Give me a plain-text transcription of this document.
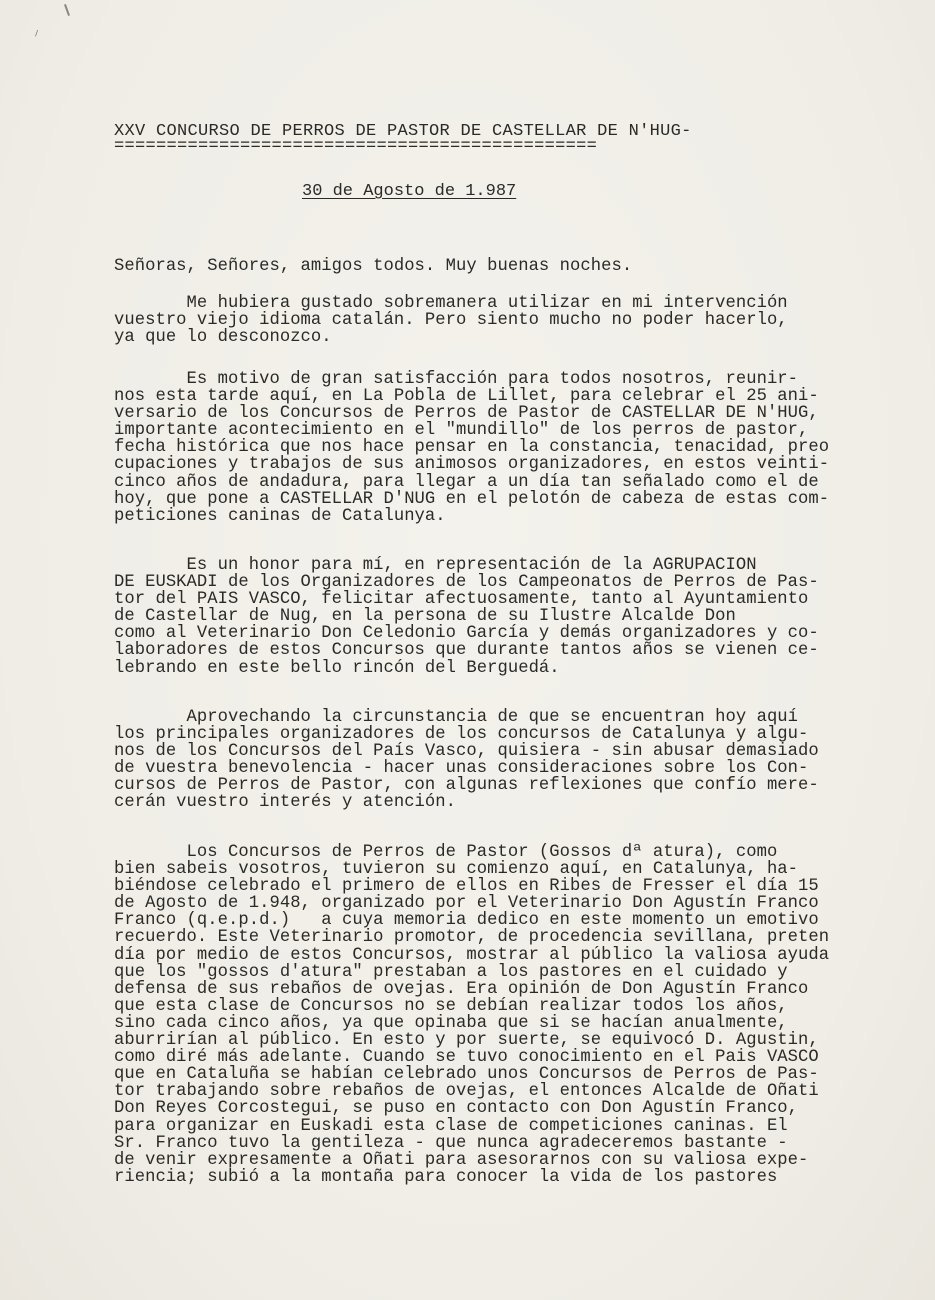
⸝
XXV CONCURSO DE PERROS DE PASTOR DE CASTELLAR DE N'HUG-
==============================================
30 de Agosto de 1.987
Señoras, Señores, amigos todos. Muy buenas noches.
Me hubiera gustado sobremanera utilizar en mi intervención
vuestro viejo idioma catalán. Pero siento mucho no poder hacerlo,
ya que lo desconozco.
Es motivo de gran satisfacción para todos nosotros, reunir-
nos esta tarde aquí, en La Pobla de Lillet, para celebrar el 25 ani-
versario de los Concursos de Perros de Pastor de CASTELLAR DE N'HUG,
importante acontecimiento en el "mundillo" de los perros de pastor,
fecha histórica que nos hace pensar en la constancia, tenacidad, preo
cupaciones y trabajos de sus animosos organizadores, en estos veinti-
cinco años de andadura, para llegar a un día tan señalado como el de
hoy, que pone a CASTELLAR D'NUG en el pelotón de cabeza de estas com-
peticiones caninas de Catalunya.
Es un honor para mí, en representación de la AGRUPACION
DE EUSKADI de los Organizadores de los Campeonatos de Perros de Pas-
tor del PAIS VASCO, felicitar afectuosamente, tanto al Ayuntamiento
de Castellar de Nug, en la persona de su Ilustre Alcalde Don
como al Veterinario Don Celedonio García y demás organizadores y co-
laboradores de estos Concursos que durante tantos años se vienen ce-
lebrando en este bello rincón del Berguedá.
Aprovechando la circunstancia de que se encuentran hoy aquí
los principales organizadores de los concursos de Catalunya y algu-
nos de los Concursos del País Vasco, quisiera - sin abusar demasiado
de vuestra benevolencia - hacer unas consideraciones sobre los Con-
cursos de Perros de Pastor, con algunas reflexiones que confío mere-
cerán vuestro interés y atención.
Los Concursos de Perros de Pastor (Gossos dª atura), como
bien sabeis vosotros, tuvieron su comienzo aquí, en Catalunya, ha-
biéndose celebrado el primero de ellos en Ribes de Fresser el día 15
de Agosto de 1.948, organizado por el Veterinario Don Agustín Franco
Franco (q.e.p.d.)   a cuya memoria dedico en este momento un emotivo
recuerdo. Este Veterinario promotor, de procedencia sevillana, preten
día por medio de estos Concursos, mostrar al público la valiosa ayuda
que los "gossos d'atura" prestaban a los pastores en el cuidado y
defensa de sus rebaños de ovejas. Era opinión de Don Agustín Franco
que esta clase de Concursos no se debían realizar todos los años,
sino cada cinco años, ya que opinaba que si se hacían anualmente,
aburrirían al público. En esto y por suerte, se equivocó D. Agustin,
como diré más adelante. Cuando se tuvo conocimiento en el Pais VASCO
que en Cataluña se habían celebrado unos Concursos de Perros de Pas-
tor trabajando sobre rebaños de ovejas, el entonces Alcalde de Oñati
Don Reyes Corcostegui, se puso en contacto con Don Agustín Franco,
para organizar en Euskadi esta clase de competiciones caninas. El
Sr. Franco tuvo la gentileza - que nunca agradeceremos bastante -
de venir expresamente a Oñati para asesorarnos con su valiosa expe-
riencia; subió a la montaña para conocer la vida de los pastores
